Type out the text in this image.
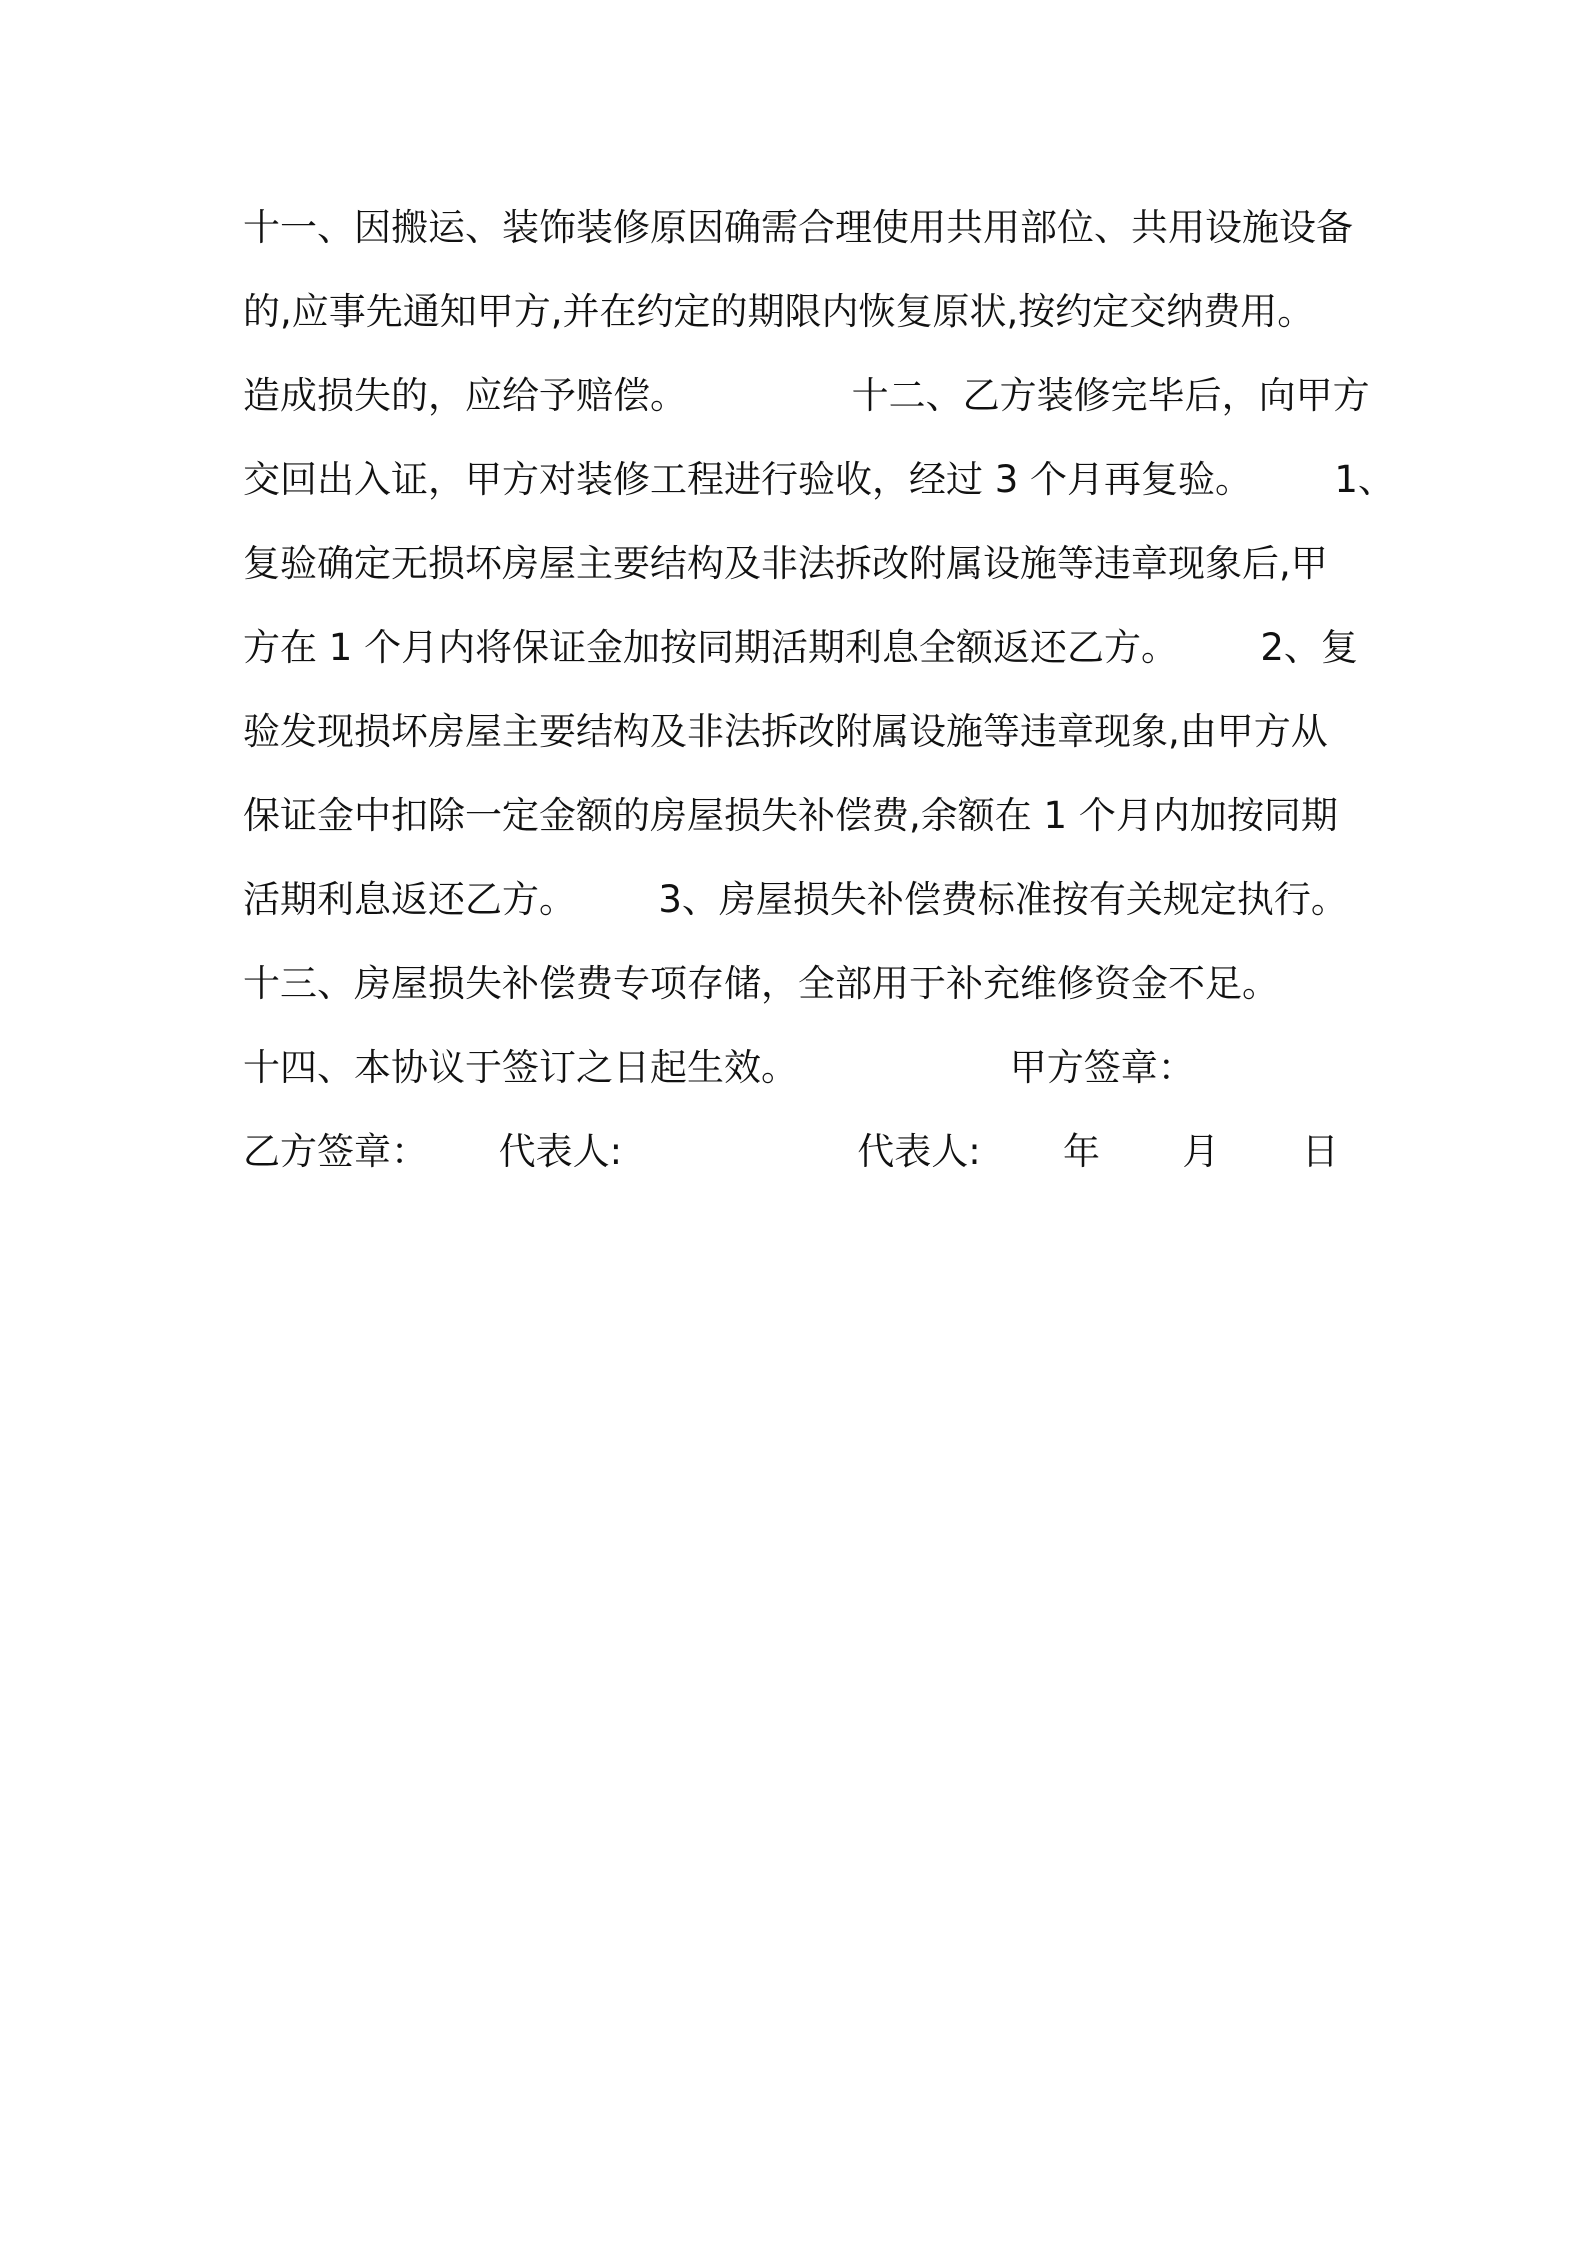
十一、因搬运、装饰装修原因确需合理使用共用部位、共用设施设备
的,应事先通知甲方,并在约定的期限内恢复原状,按约定交纳费用。
造成损失的，应给予赔偿。              十二、乙方装修完毕后，向甲方
交回出入证，甲方对装修工程进行验收，经过 3 个月再复验。       1、
复验确定无损坏房屋主要结构及非法拆改附属设施等违章现象后,甲
方在 1 个月内将保证金加按同期活期利息全额返还乙方。       2、复
验发现损坏房屋主要结构及非法拆改附属设施等违章现象,由甲方从
保证金中扣除一定金额的房屋损失补偿费,余额在 1 个月内加按同期
活期利息返还乙方。       3、房屋损失补偿费标准按有关规定执行。
十三、房屋损失补偿费专项存储，全部用于补充维修资金不足。
十四、本协议于签订之日起生效。                  甲方签章：
乙方签章：      代表人:                    代表人:       年       月       日
